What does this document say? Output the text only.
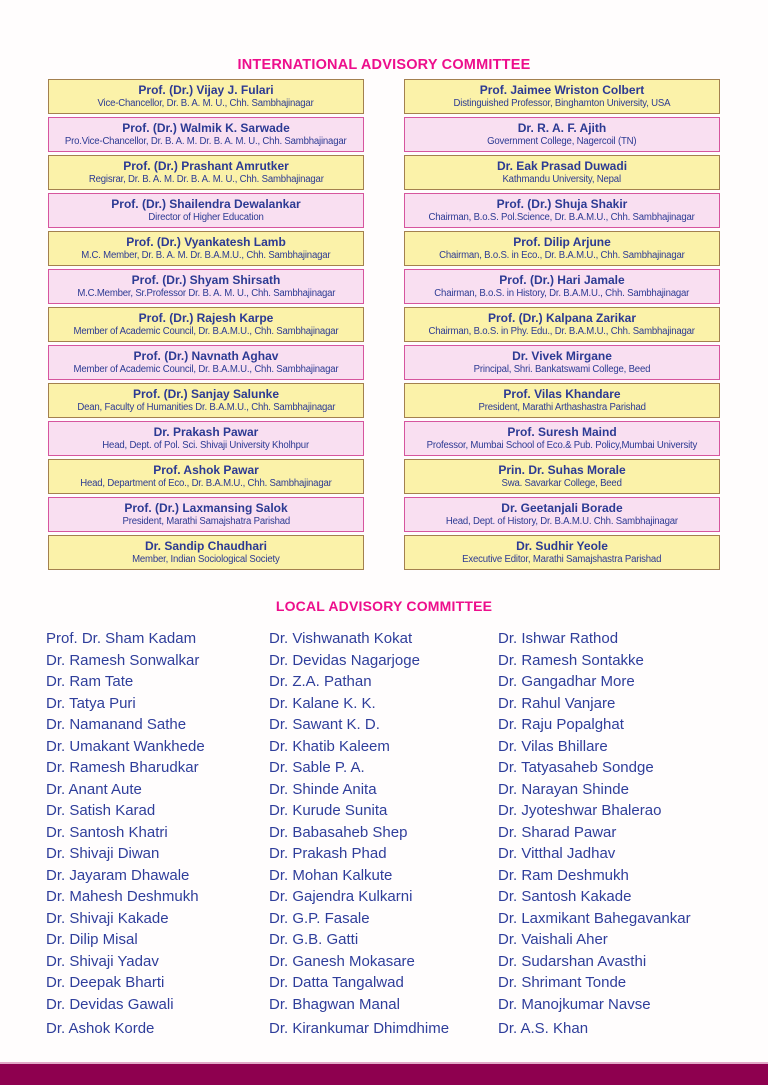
INTERNATIONAL ADVISORY COMMITTEE
Prof. (Dr.) Vijay J. Fulari
Vice-Chancellor, Dr. B. A. M. U., Chh. Sambhajinagar
Prof. (Dr.) Walmik K. Sarwade
Pro.Vice-Chancellor, Dr. B. A. M. Dr. B. A. M. U., Chh. Sambhajinagar
Prof. (Dr.) Prashant Amrutker
Regisrar, Dr. B. A. M. Dr. B. A. M. U., Chh. Sambhajinagar
Prof. (Dr.) Shailendra Dewalankar
Director of Higher Education
Prof. (Dr.) Vyankatesh Lamb
M.C. Member, Dr. B. A. M. Dr. B.A.M.U., Chh. Sambhajinagar
Prof. (Dr.) Shyam Shirsath
M.C.Member, Sr.Professor Dr. B. A. M. U., Chh. Sambhajinagar
Prof. (Dr.) Rajesh Karpe
Member of Academic Council, Dr. B.A.M.U., Chh. Sambhajinagar
Prof. (Dr.) Navnath Aghav
Member of Academic Council, Dr. B.A.M.U., Chh. Sambhajinagar
Prof. (Dr.) Sanjay Salunke
Dean, Faculty of Humanities Dr. B.A.M.U., Chh. Sambhajinagar
Dr. Prakash Pawar
Head, Dept. of Pol. Sci. Shivaji University Kholhpur
Prof. Ashok Pawar
Head, Department of Eco., Dr. B.A.M.U., Chh. Sambhajinagar
Prof. (Dr.) Laxmansing Salok
President, Marathi Samajshatra Parishad
Dr. Sandip Chaudhari
Member, Indian Sociological Society
Prof. Jaimee Wriston Colbert
Distinguished Professor, Binghamton University, USA
Dr. R. A. F. Ajith
Government College, Nagercoil (TN)
Dr. Eak Prasad Duwadi
Kathmandu University, Nepal
Prof. (Dr.) Shuja Shakir
Chairman, B.o.S. Pol.Science, Dr. B.A.M.U., Chh. Sambhajinagar
Prof. Dilip Arjune
Chairman, B.o.S. in Eco., Dr. B.A.M.U., Chh. Sambhajinagar
Prof. (Dr.) Hari Jamale
Chairman, B.o.S. in History, Dr. B.A.M.U., Chh. Sambhajinagar
Prof. (Dr.) Kalpana Zarikar
Chairman, B.o.S. in Phy. Edu., Dr. B.A.M.U., Chh. Sambhajinagar
Dr. Vivek Mirgane
Principal, Shri. Bankatswami College, Beed
Prof. Vilas Khandare
President, Marathi Arthashastra Parishad
Prof. Suresh Maind
Professor, Mumbai School of Eco.& Pub. Policy,Mumbai University
Prin. Dr. Suhas Morale
Swa. Savarkar College, Beed
Dr. Geetanjali Borade
Head, Dept. of History, Dr. B.A.M.U. Chh. Sambhajinagar
Dr. Sudhir Yeole
Executive Editor, Marathi Samajshastra Parishad
LOCAL ADVISORY COMMITTEE
Prof. Dr. Sham Kadam
Dr. Ramesh Sonwalkar
Dr. Ram Tate
Dr. Tatya Puri
Dr. Namanand Sathe
Dr. Umakant Wankhede
Dr. Ramesh Bharudkar
Dr. Anant Aute
Dr. Satish Karad
Dr. Santosh Khatri
Dr. Shivaji Diwan
Dr. Jayaram Dhawale
Dr. Mahesh Deshmukh
Dr. Shivaji Kakade
Dr. Dilip Misal
Dr. Shivaji Yadav
Dr. Deepak Bharti
Dr. Devidas Gawali
Dr. Ashok Korde
Dr. Vishwanath Kokat
Dr. Devidas Nagarjoge
Dr. Z.A. Pathan
Dr. Kalane K. K.
Dr. Sawant K. D.
Dr. Khatib Kaleem
Dr. Sable P. A.
Dr. Shinde Anita
Dr. Kurude Sunita
Dr. Babasaheb Shep
Dr. Prakash Phad
Dr. Mohan Kalkute
Dr. Gajendra Kulkarni
Dr. G.P. Fasale
Dr. G.B. Gatti
Dr. Ganesh Mokasare
Dr. Datta Tangalwad
Dr. Bhagwan Manal
Dr. Kirankumar Dhimdhime
Dr. Ishwar Rathod
Dr. Ramesh Sontakke
Dr. Gangadhar More
Dr. Rahul Vanjare
Dr. Raju Popalghat
Dr. Vilas Bhillare
Dr. Tatyasaheb Sondge
Dr. Narayan Shinde
Dr. Jyoteshwar Bhalerao
Dr. Sharad Pawar
Dr. Vitthal Jadhav
Dr. Ram Deshmukh
Dr. Santosh Kakade
Dr. Laxmikant Bahegavankar
Dr. Vaishali Aher
Dr. Sudarshan Avasthi
Dr. Shrimant Tonde
Dr. Manojkumar Navse
Dr. A.S. Khan
